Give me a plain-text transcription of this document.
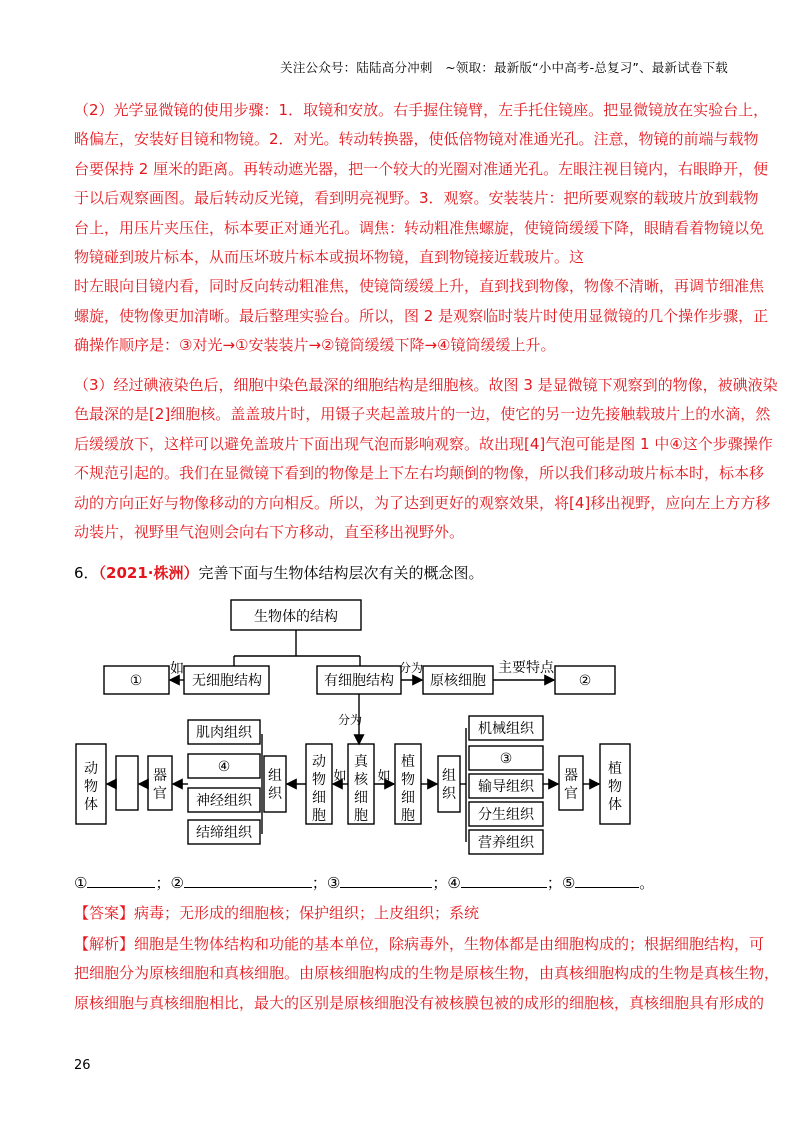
关注公众号：陆陆高分冲刺　~领取：最新版“小中高考-总复习”、最新试卷下载
（2）光学显微镜的使用步骤：1．取镜和安放。右手握住镜臂，左手托住镜座。把显微镜放在实验台上，
略偏左，安装好目镜和物镜。2．对光。转动转换器，使低倍物镜对准通光孔。注意，物镜的前端与载物
台要保持 2 厘米的距离。再转动遮光器，把一个较大的光圈对准通光孔。左眼注视目镜内，右眼睁开，便
于以后观察画图。最后转动反光镜，看到明亮视野。3．观察。安装装片：把所要观察的载玻片放到载物
台上，用压片夹压住，标本要正对通光孔。调焦：转动粗准焦螺旋，使镜筒缓缓下降，眼睛看着物镜以免
物镜碰到玻片标本，从而压坏玻片标本或损坏物镜，直到物镜接近载玻片。这
时左眼向目镜内看，同时反向转动粗准焦，使镜筒缓缓上升，直到找到物像，物像不清晰，再调节细准焦
螺旋，使物像更加清晰。最后整理实验台。所以，图 2 是观察临时装片时使用显微镜的几个操作步骤，正
确操作顺序是：③对光→①安装装片→②镜筒缓缓下降→④镜筒缓缓上升。
（3）经过碘液染色后，细胞中染色最深的细胞结构是细胞核。故图 3 是显微镜下观察到的物像，被碘液染
色最深的是[2]细胞核。盖盖玻片时，用镊子夹起盖玻片的一边，使它的另一边先接触载玻片上的水滴，然
后缓缓放下，这样可以避免盖玻片下面出现气泡而影响观察。故出现[4]气泡可能是图 1 中④这个步骤操作
不规范引起的。我们在显微镜下看到的物像是上下左右均颠倒的物像，所以我们移动玻片标本时，标本移
动的方向正好与物像移动的方向相反。所以，为了达到更好的观察效果，将[4]移出视野，应向左上方方移
动装片，视野里气泡则会向右下方移动，直至移出视野外。
6．（2021·株洲）完善下面与生物体结构层次有关的概念图。
生物体的结构
①	无细胞结构	有细胞结构	原核细胞	②
如	分为	主要特点
分为
如 如
肌肉组织
④
神经组织
结缔组织
机械组织
③
输导组织
分生组织
营养组织
真核细胞
动物细胞
植物细胞
组织
组织
器官
器官
动物体
植物体
①	；②	；③	；④	；⑤	。
【答案】病毒；无形成的细胞核；保护组织；上皮组织；系统
【解析】细胞是生物体结构和功能的基本单位，除病毒外，生物体都是由细胞构成的；根据细胞结构，可
把细胞分为原核细胞和真核细胞。由原核细胞构成的生物是原核生物，由真核细胞构成的生物是真核生物，
原核细胞与真核细胞相比，最大的区别是原核细胞没有被核膜包被的成形的细胞核，真核细胞具有形成的
26
